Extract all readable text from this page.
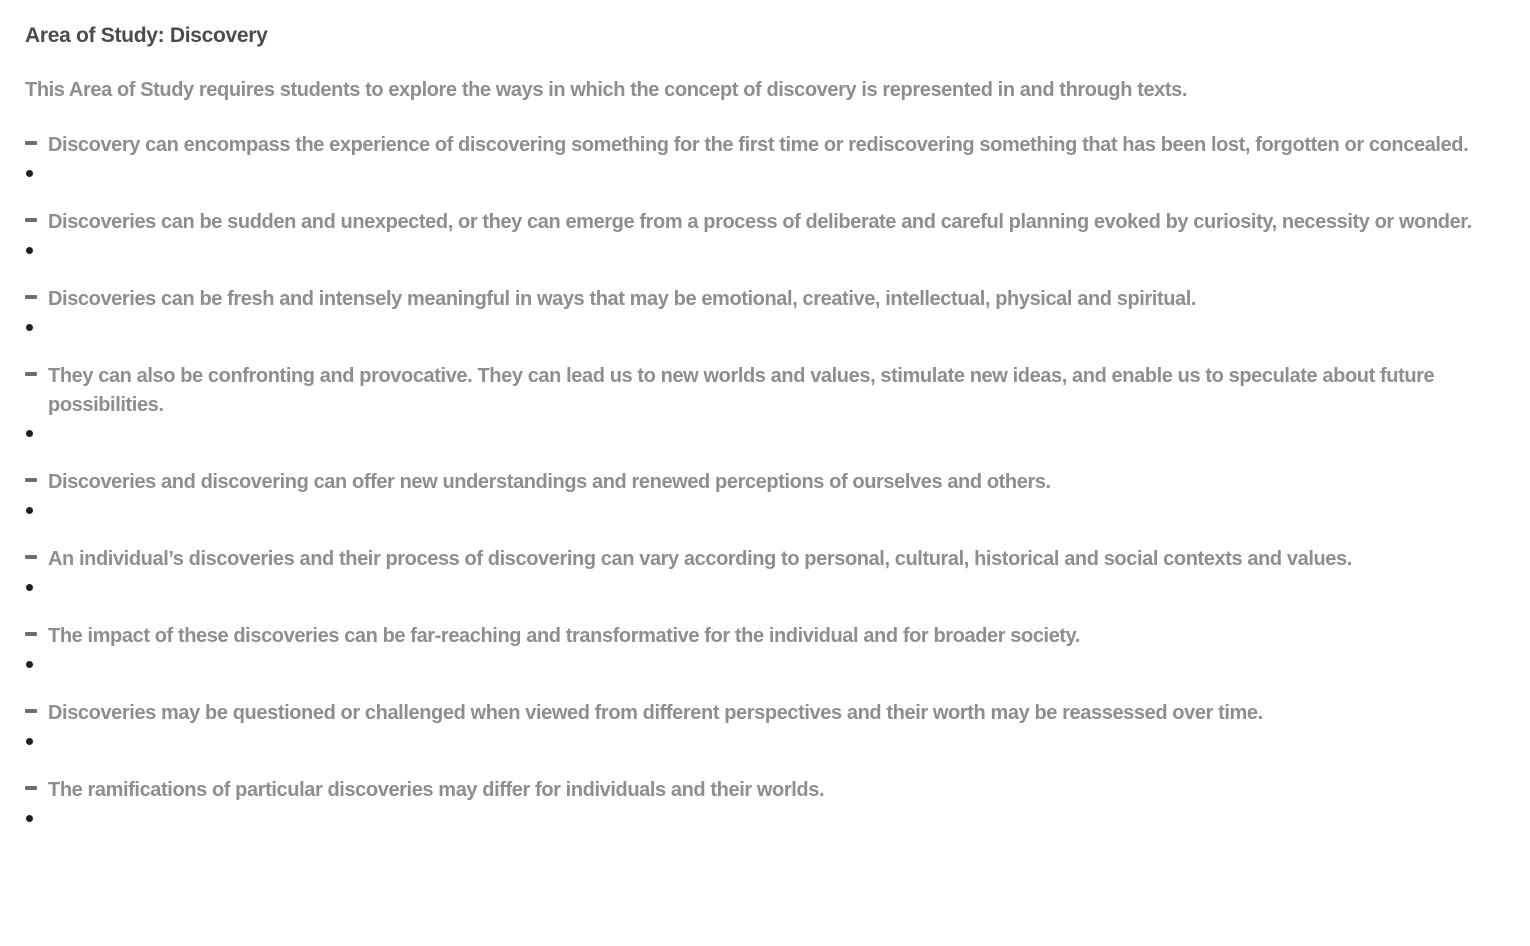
Area of Study: Discovery

This Area of Study requires students to explore the ways in which the concept of discovery is represented in and through texts.

Discovery can encompass the experience of discovering something for the first time or rediscovering something that has been lost, forgotten or concealed.

Discoveries can be sudden and unexpected, or they can emerge from a process of deliberate and careful planning evoked by curiosity, necessity or wonder.

Discoveries can be fresh and intensely meaningful in ways that may be emotional, creative, intellectual, physical and spiritual.

They can also be confronting and provocative. They can lead us to new worlds and values, stimulate new ideas, and enable us to speculate about future possibilities.

Discoveries and discovering can offer new understandings and renewed perceptions of ourselves and others.

An individual’s discoveries and their process of discovering can vary according to personal, cultural, historical and social contexts and values.

The impact of these discoveries can be far-reaching and transformative for the individual and for broader society.

Discoveries may be questioned or challenged when viewed from different perspectives and their worth may be reassessed over time.

The ramifications of particular discoveries may differ for individuals and their worlds.
